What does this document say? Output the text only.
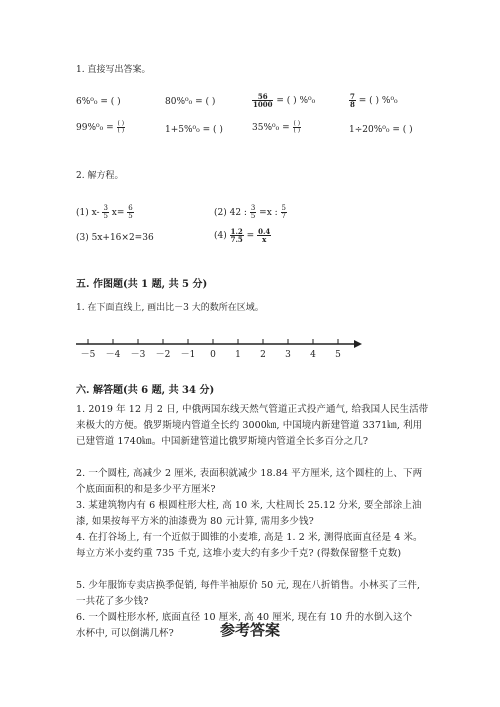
1. 直接写出答案。
6%⁰₀ = ( )	80%⁰₀ = ( )	$\frac{56}{1000}$ = ( ) %⁰₀	$\frac{7}{8}$ = ( ) %⁰₀
$99\%^0_0 = \frac{( )}{( )}$	1+5%⁰₀ = ( )	$35\%^0_0 = \frac{( )}{( )}$	1÷20%⁰₀ = ( )
2. 解方程。
(1) $x- \frac{3}{5} x= \frac{6}{5}$	(2) 42 : $\frac{3}{5} =x$ : $\frac{5}{7}$
(3) 5x+16×2=36	$(4) \frac{1.2}{7.5} = \frac{0.4}{x}$
五. 作图题(共 1 题, 共 5 分)
1. 在下面直线上, 画出比－3 大的数所在区域。
－5 －4 －3 －2 －1 0 1 2 3 4 5
六. 解答题(共 6 题, 共 34 分)
1. 2019 年 12 月 2 日, 中俄两国东线天然气管道正式投产通气, 给我国人民生活带来极大的方便。俄罗斯境内管道全长约 3000㎞, 中国境内新建管道 3371㎞, 利用已建管道 1740㎞。中国新建管道比俄罗斯境内管道全长多百分之几?
2. 一个圆柱, 高减少 2 厘米, 表面积就减少 18.84 平方厘米, 这个圆柱的上、下两个底面面积的和是多少平方厘米?
3. 某建筑物内有 6 根圆柱形大柱, 高 10 米, 大柱周长 25.12 分米, 要全部涂上油漆, 如果按每平方米的油漆费为 80 元计算, 需用多少钱?
4. 在打谷场上, 有一个近似于圆锥的小麦堆, 高是 1. 2 米, 测得底面直径是 4 米。每立方米小麦约重 735 千克, 这堆小麦大约有多少千克? (得数保留整千克数)
5. 少年服饰专卖店换季促销, 每件半袖原价 50 元, 现在八折销售。小林买了三件, 一共花了多少钱?
6. 一个圆柱形水杯, 底面直径 10 厘米, 高 40 厘米, 现在有 10 升的水倒入这个水杯中, 可以倒满几杯?	参考答案
